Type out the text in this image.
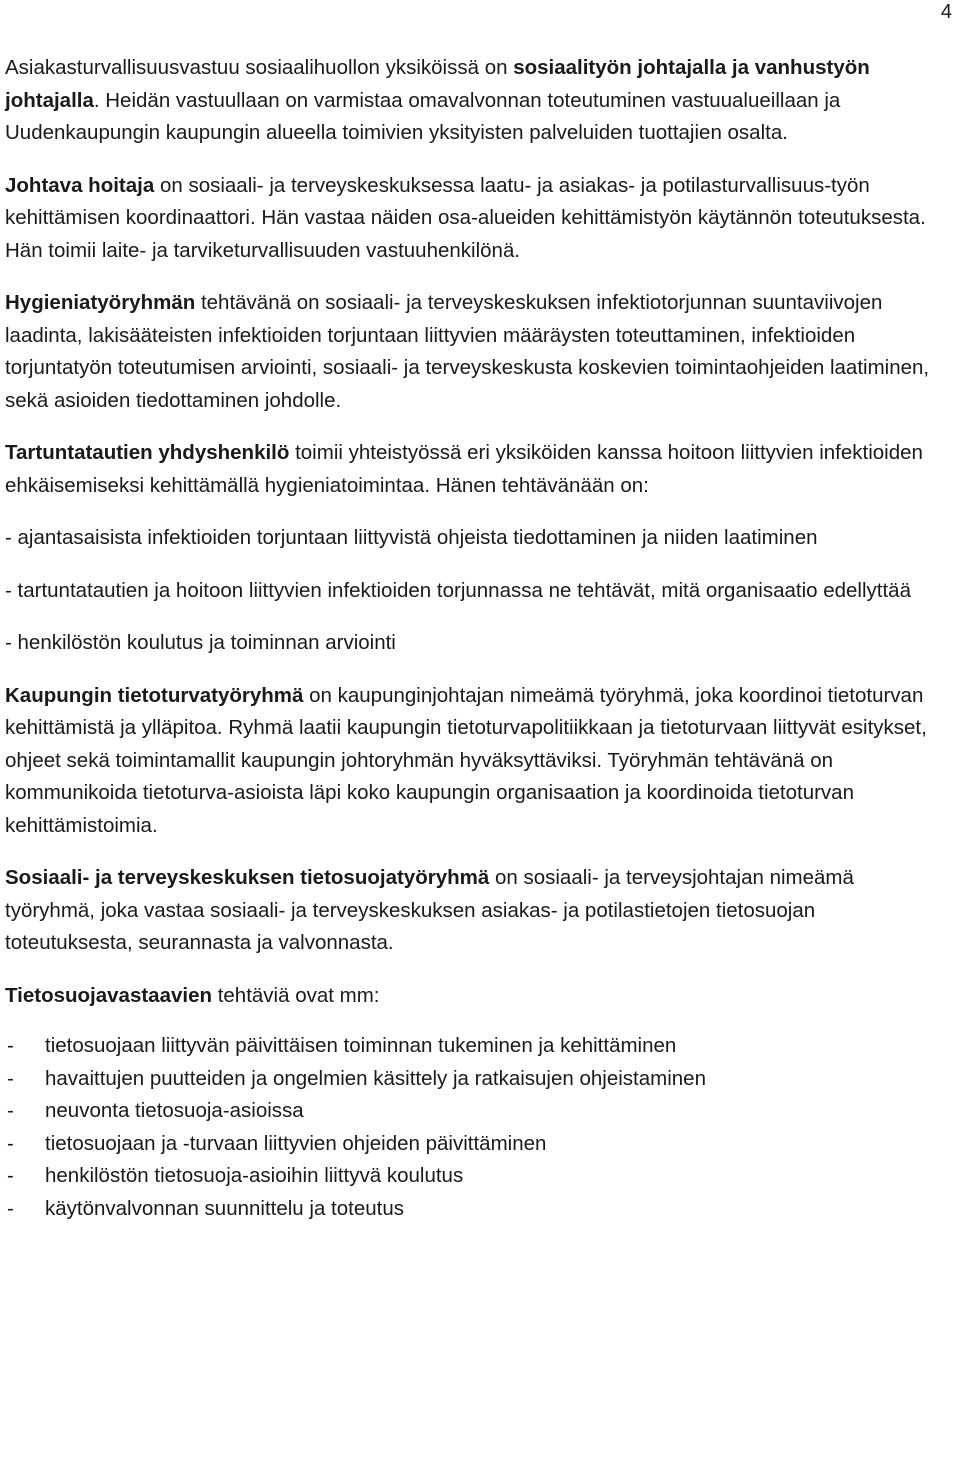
4

Asiakasturvallisuusvastuu sosiaalihuollon yksiköissä on sosiaalityön johtajalla ja vanhustyön johtajalla. Heidän vastuullaan on varmistaa omavalvonnan toteutuminen vastuualueillaan ja Uudenkaupungin kaupungin alueella toimivien yksityisten palveluiden tuottajien osalta.

Johtava hoitaja on sosiaali- ja terveyskeskuksessa laatu- ja asiakas- ja potilasturvallisuus-työn kehittämisen koordinaattori. Hän vastaa näiden osa-alueiden kehittämistyön käytännön toteutuksesta. Hän toimii laite- ja tarviketurvallisuuden vastuuhenkilönä.

Hygieniatyöryhmän tehtävänä on sosiaali- ja terveyskeskuksen infektiotorjunnan suuntaviivojen laadinta, lakisääteisten infektioiden torjuntaan liittyvien määräysten toteuttaminen, infektioiden torjuntatyön toteutumisen arviointi, sosiaali- ja terveyskeskusta koskevien toimintaohjeiden laatiminen, sekä asioiden tiedottaminen johdolle.

Tartuntatautien yhdyshenkilö toimii yhteistyössä eri yksiköiden kanssa hoitoon liittyvien infektioiden ehkäisemiseksi kehittämällä hygieniatoimintaa. Hänen tehtävänään on:

- ajantasaisista infektioiden torjuntaan liittyvistä ohjeista tiedottaminen ja niiden laatiminen

- tartuntatautien ja hoitoon liittyvien infektioiden torjunnassa ne tehtävät, mitä organisaatio edellyttää

- henkilöstön koulutus ja toiminnan arviointi

Kaupungin tietoturvatyöryhmä on kaupunginjohtajan nimeämä työryhmä, joka koordinoi tietoturvan kehittämistä ja ylläpitoa. Ryhmä laatii kaupungin tietoturvapolitiikkaan ja tietoturvaan liittyvät esitykset, ohjeet sekä toimintamallit kaupungin johtoryhmän hyväksyttäviksi. Työryhmän tehtävänä on kommunikoida tietoturva-asioista läpi koko kaupungin organisaation ja koordinoida tietoturvan kehittämistoimia.

Sosiaali- ja terveyskeskuksen tietosuojatyöryhmä on sosiaali- ja terveysjohtajan nimeämä työryhmä, joka vastaa sosiaali- ja terveyskeskuksen asiakas- ja potilastietojen tietosuojan toteutuksesta, seurannasta ja valvonnasta.

Tietosuojavastaavien tehtäviä ovat mm:

-	tietosuojaan liittyvän päivittäisen toiminnan tukeminen ja kehittäminen
-	havaittujen puutteiden ja ongelmien käsittely ja ratkaisujen ohjeistaminen
-	neuvonta tietosuoja-asioissa
-	tietosuojaan ja -turvaan liittyvien ohjeiden päivittäminen
-	henkilöstön tietosuoja-asioihin liittyvä koulutus
-	käytönvalvonnan suunnittelu ja toteutus
